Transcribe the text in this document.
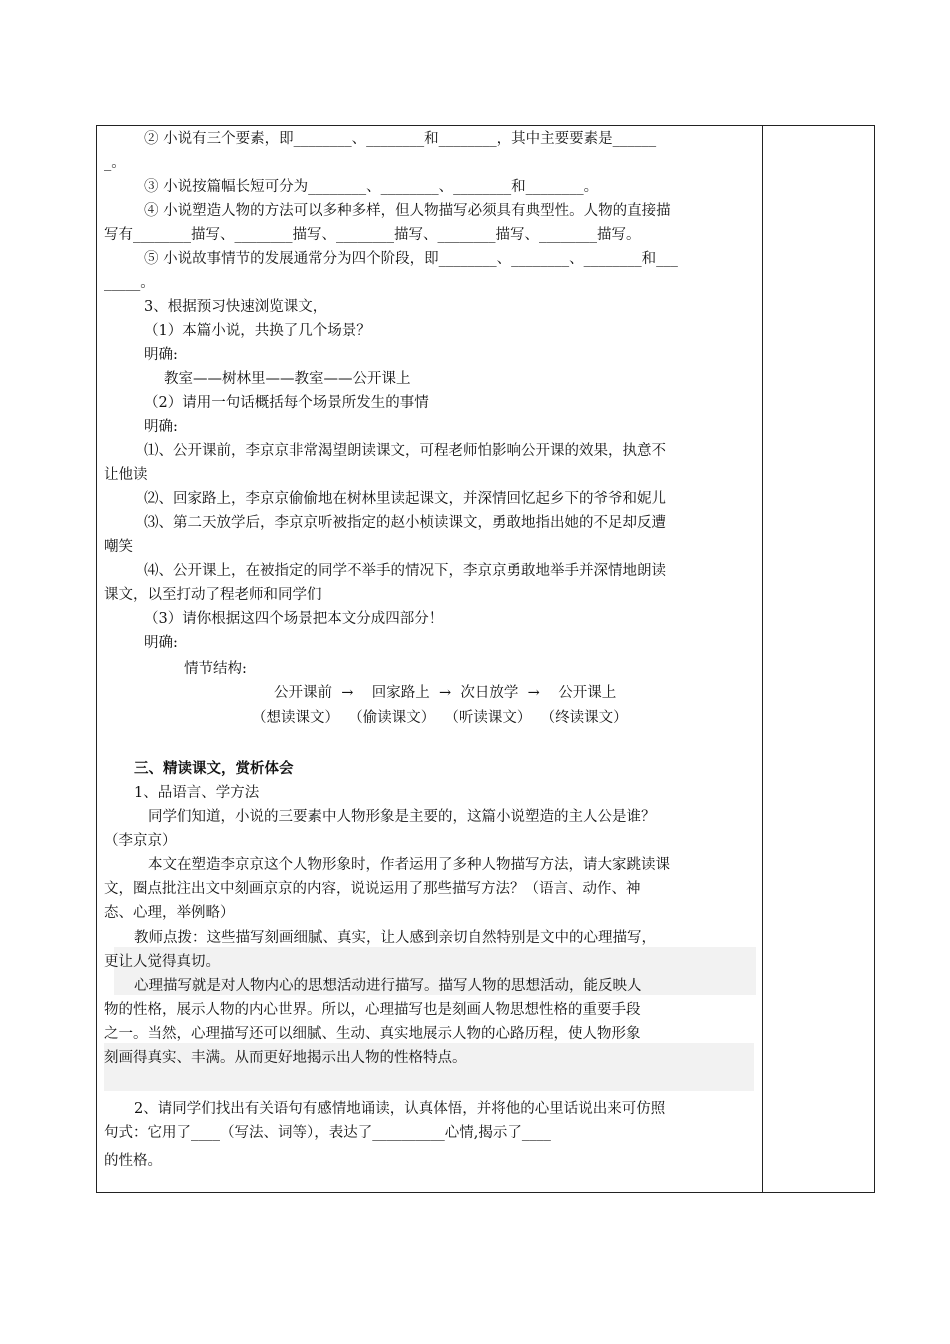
② 小说有三个要素，即________、________和________，其中主要要素是______
_。
③ 小说按篇幅长短可分为________、________、________和________。
④ 小说塑造人物的方法可以多种多样，但人物描写必须具有典型性。人物的直接描
写有________描写、________描写、________描写、________描写、________描写。
⑤ 小说故事情节的发展通常分为四个阶段，即________、________、________和___
_____。
3、根据预习快速浏览课文，
（1）本篇小说，共换了几个场景？
明确:
教室——树林里——教室——公开课上
（2）请用一句话概括每个场景所发生的事情
明确:
⑴、公开课前，李京京非常渴望朗读课文，可程老师怕影响公开课的效果，执意不
让他读
⑵、回家路上，李京京偷偷地在树林里读起课文，并深情回忆起乡下的爷爷和妮儿
⑶、第二天放学后，李京京听被指定的赵小桢读课文，勇敢地指出她的不足却反遭
嘲笑
⑷、公开课上，在被指定的同学不举手的情况下，李京京勇敢地举手并深情地朗读
课文，以至打动了程老师和同学们
（3）请你根据这四个场景把本文分成四部分！
明确:
情节结构:
公开课前  →    回家路上  →  次日放学  →    公开课上
（想读课文）  （偷读课文）  （听读课文）  （终读课文）
三、精读课文，赏析体会
1、品语言、学方法
同学们知道，小说的三要素中人物形象是主要的，这篇小说塑造的主人公是谁？
（李京京）
本文在塑造李京京这个人物形象时，作者运用了多种人物描写方法，请大家跳读课
文，圈点批注出文中刻画京京的内容，说说运用了那些描写方法？（语言、动作、神
态、心理，举例略）
教师点拨：这些描写刻画细腻、真实，让人感到亲切自然特别是文中的心理描写，
更让人觉得真切。
心理描写就是对人物内心的思想活动进行描写。描写人物的思想活动，能反映人
物的性格，展示人物的内心世界。所以，心理描写也是刻画人物思想性格的重要手段
之一。当然，心理描写还可以细腻、生动、真实地展示人物的心路历程，使人物形象
刻画得真实、丰满。从而更好地揭示出人物的性格特点。
2、请同学们找出有关语句有感情地诵读，认真体悟，并将他的心里话说出来可仿照
句式：它用了____（写法、词等），表达了__________心情,揭示了____
的性格。
